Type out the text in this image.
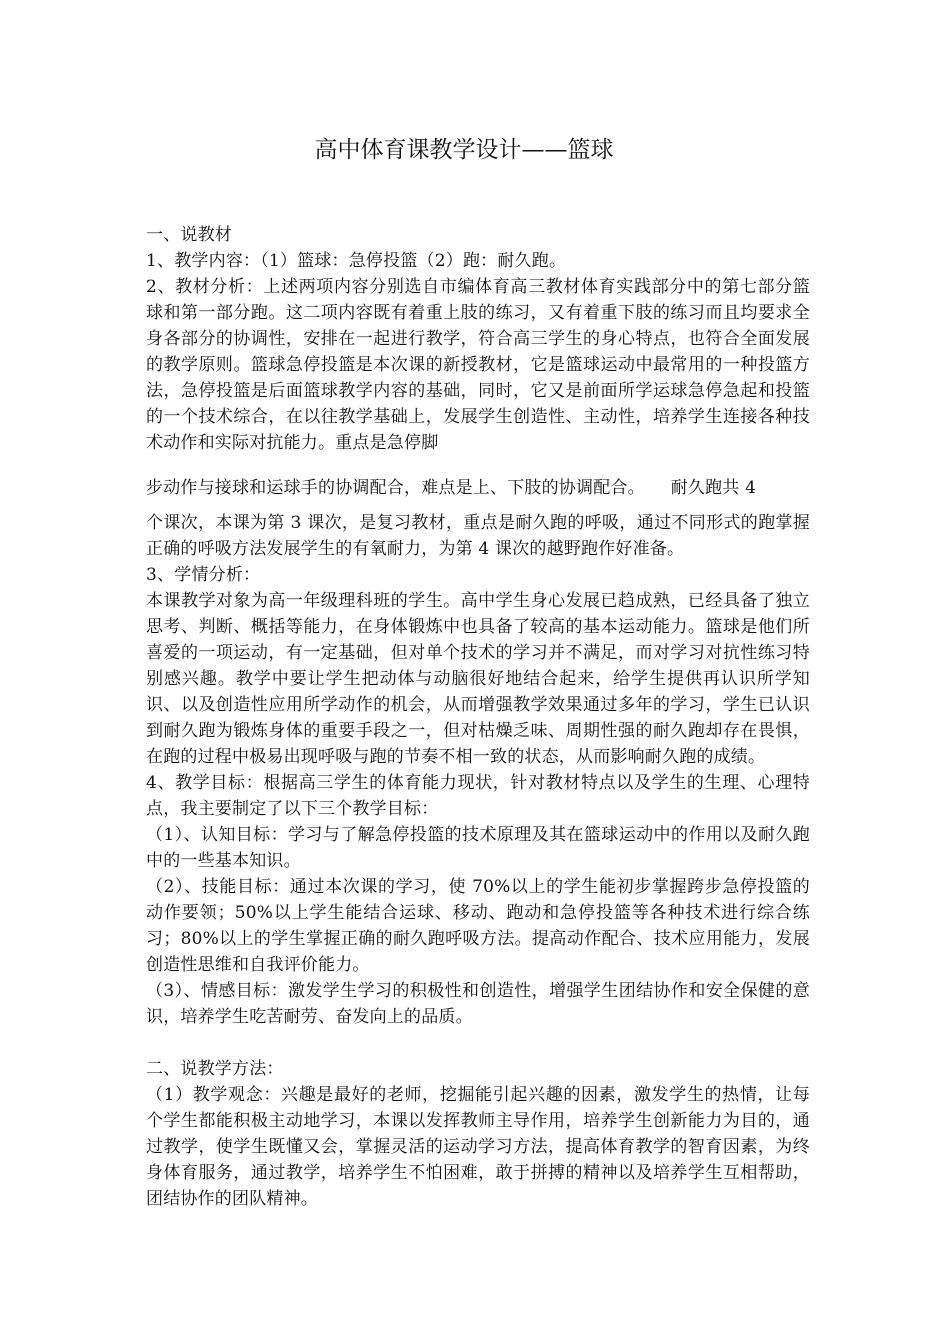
高中体育课教学设计——篮球

一、说教材

1、教学内容：（1）篮球：急停投篮（2）跑：耐久跑。

2、教材分析：上述两项内容分别选自市编体育高三教材体育实践部分中的第七部分篮球和第一部分跑。这二项内容既有着重上肢的练习，又有着重下肢的练习而且均要求全身各部分的协调性，安排在一起进行教学，符合高三学生的身心特点，也符合全面发展的教学原则。篮球急停投篮是本次课的新授教材，它是篮球运动中最常用的一种投篮方法，急停投篮是后面篮球教学内容的基础，同时，它又是前面所学运球急停急起和投篮的一个技术综合，在以往教学基础上，发展学生创造性、主动性，培养学生连接各种技术动作和实际对抗能力。重点是急停脚

步动作与接球和运球手的协调配合，难点是上、下肢的协调配合。　　耐久跑共 4

个课次，本课为第 3 课次，是复习教材，重点是耐久跑的呼吸，通过不同形式的跑掌握正确的呼吸方法发展学生的有氧耐力，为第 4 课次的越野跑作好准备。

3、学情分析：

本课教学对象为高一年级理科班的学生。高中学生身心发展已趋成熟，已经具备了独立思考、判断、概括等能力，在身体锻炼中也具备了较高的基本运动能力。篮球是他们所喜爱的一项运动，有一定基础，但对单个技术的学习并不满足，而对学习对抗性练习特别感兴趣。教学中要让学生把动体与动脑很好地结合起来，给学生提供再认识所学知识、以及创造性应用所学动作的机会，从而增强教学效果通过多年的学习，学生已认识到耐久跑为锻炼身体的重要手段之一，但对枯燥乏味、周期性强的耐久跑却存在畏惧，在跑的过程中极易出现呼吸与跑的节奏不相一致的状态，从而影响耐久跑的成绩。

4、教学目标：根据高三学生的体育能力现状，针对教材特点以及学生的生理、心理特点，我主要制定了以下三个教学目标：

（1）、认知目标：学习与了解急停投篮的技术原理及其在篮球运动中的作用以及耐久跑中的一些基本知识。

（2）、技能目标：通过本次课的学习，使 70%以上的学生能初步掌握跨步急停投篮的动作要领；50%以上学生能结合运球、移动、跑动和急停投篮等各种技术进行综合练习；80%以上的学生掌握正确的耐久跑呼吸方法。提高动作配合、技术应用能力，发展创造性思维和自我评价能力。

（3）、情感目标：激发学生学习的积极性和创造性，增强学生团结协作和安全保健的意识，培养学生吃苦耐劳、奋发向上的品质。

二、说教学方法：

（1）教学观念：兴趣是最好的老师，挖掘能引起兴趣的因素，激发学生的热情，让每个学生都能积极主动地学习，本课以发挥教师主导作用，培养学生创新能力为目的，通过教学，使学生既懂又会，掌握灵活的运动学习方法，提高体育教学的智育因素，为终身体育服务，通过教学，培养学生不怕困难，敢于拼搏的精神以及培养学生互相帮助，团结协作的团队精神。
